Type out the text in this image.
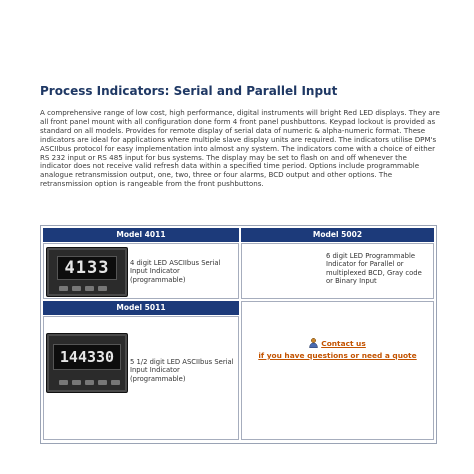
Process Indicators: Serial and Parallel Input

A comprehensive range of low cost, high performance, digital instruments will bright Red LED displays. They are all front panel mount with all configuration done form 4 front panel pushbuttons. Keypad lockout is provided as standard on all models. Provides for remote display of serial data of numeric & alpha-numeric format. These indicators are ideal for applications where multiple slave display units are required. The indicators utilise DPM's ASCIIbus protocol for easy implementation into almost any system. The indicators come with a choice of either RS 232 input or RS 485 input for bus systems. The display may be set to flash on and off whenever the indicator does not receive valid refresh data within a specified time period. Options include programmable analogue retransmission output, one, two, three or four alarms, BCD output and other options. The retransmission option is rangeable from the front pushbuttons.

Model 4011	Model 5002
4133	4 digit LED ASCIIbus Serial Input Indicator (programmable)
6 digit LED Programmable Indicator for Parallel or multiplexed BCD, Gray code or Binary Input
Model 5011
144330 5 1/2 digit LED ASCIIbus Serial Input Indicator (programmable)
Contact us
if you have questions or need a quote
